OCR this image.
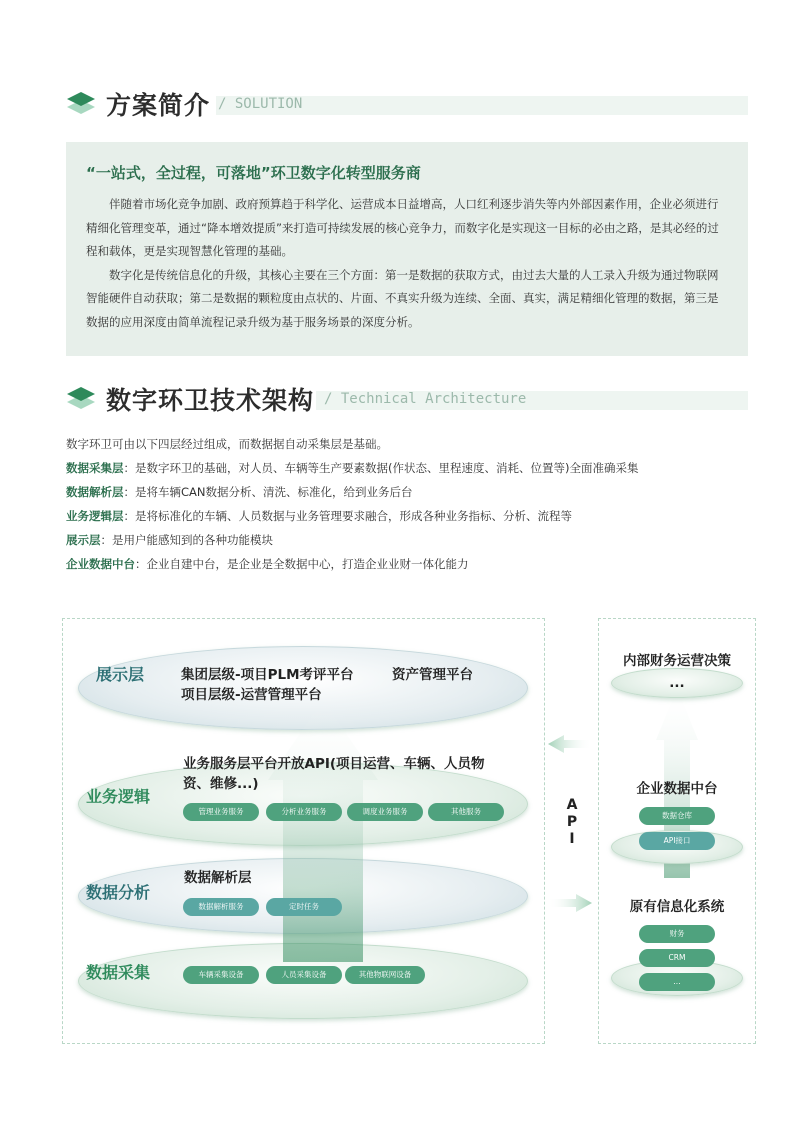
方案简介 / SOLUTION
“一站式，全过程，可落地”环卫数字化转型服务商

伴随着市场化竞争加剧、政府预算趋于科学化、运营成本日益增高，人口红利逐步消失等内外部因素作用，企业必须进行精细化管理变革，通过“降本增效提质”来打造可持续发展的核心竞争力，而数字化是实现这一目标的必由之路，是其必经的过程和载体，更是实现智慧化管理的基础。

数字化是传统信息化的升级，其核心主要在三个方面：第一是数据的获取方式，由过去大量的人工录入升级为通过物联网智能硬件自动获取；第二是数据的颗粒度由点状的、片面、不真实升级为连续、全面、真实，满足精细化管理的数据，第三是数据的应用深度由简单流程记录升级为基于服务场景的深度分析。

数字环卫技术架构 / Technical Architecture
数字环卫可由以下四层经过组成，而数据据自动采集层是基础。
数据采集层：是数字环卫的基础，对人员、车辆等生产要素数据(作状态、里程速度、消耗、位置等)全面准确采集
数据解析层：是将车辆CAN数据分析、清洗、标准化，给到业务后台
业务逻辑层：是将标准化的车辆、人员数据与业务管理要求融合，形成各种业务指标、分析、流程等
展示层：是用户能感知到的各种功能模块
企业数据中台：企业自建中台，是企业是全数据中心，打造企业业财一体化能力
展示层	集团层级-项目PLM考评平台	资产管理平台
项目层级-运营管理平台
业务逻辑
业务服务层平台开放API(项目运营、车辆、人员物资、维修...)
管理业务服务	分析业务服务	调度业务服务	其他服务
数据分析
数据解析层
数据解析服务	定时任务
数据采集	车辆采集设备	人员采集设备	其他物联网设备
A
P
I
内部财务运营决策
...
企业数据中台
数据仓库
API接口
原有信息化系统
财务
CRM
...
